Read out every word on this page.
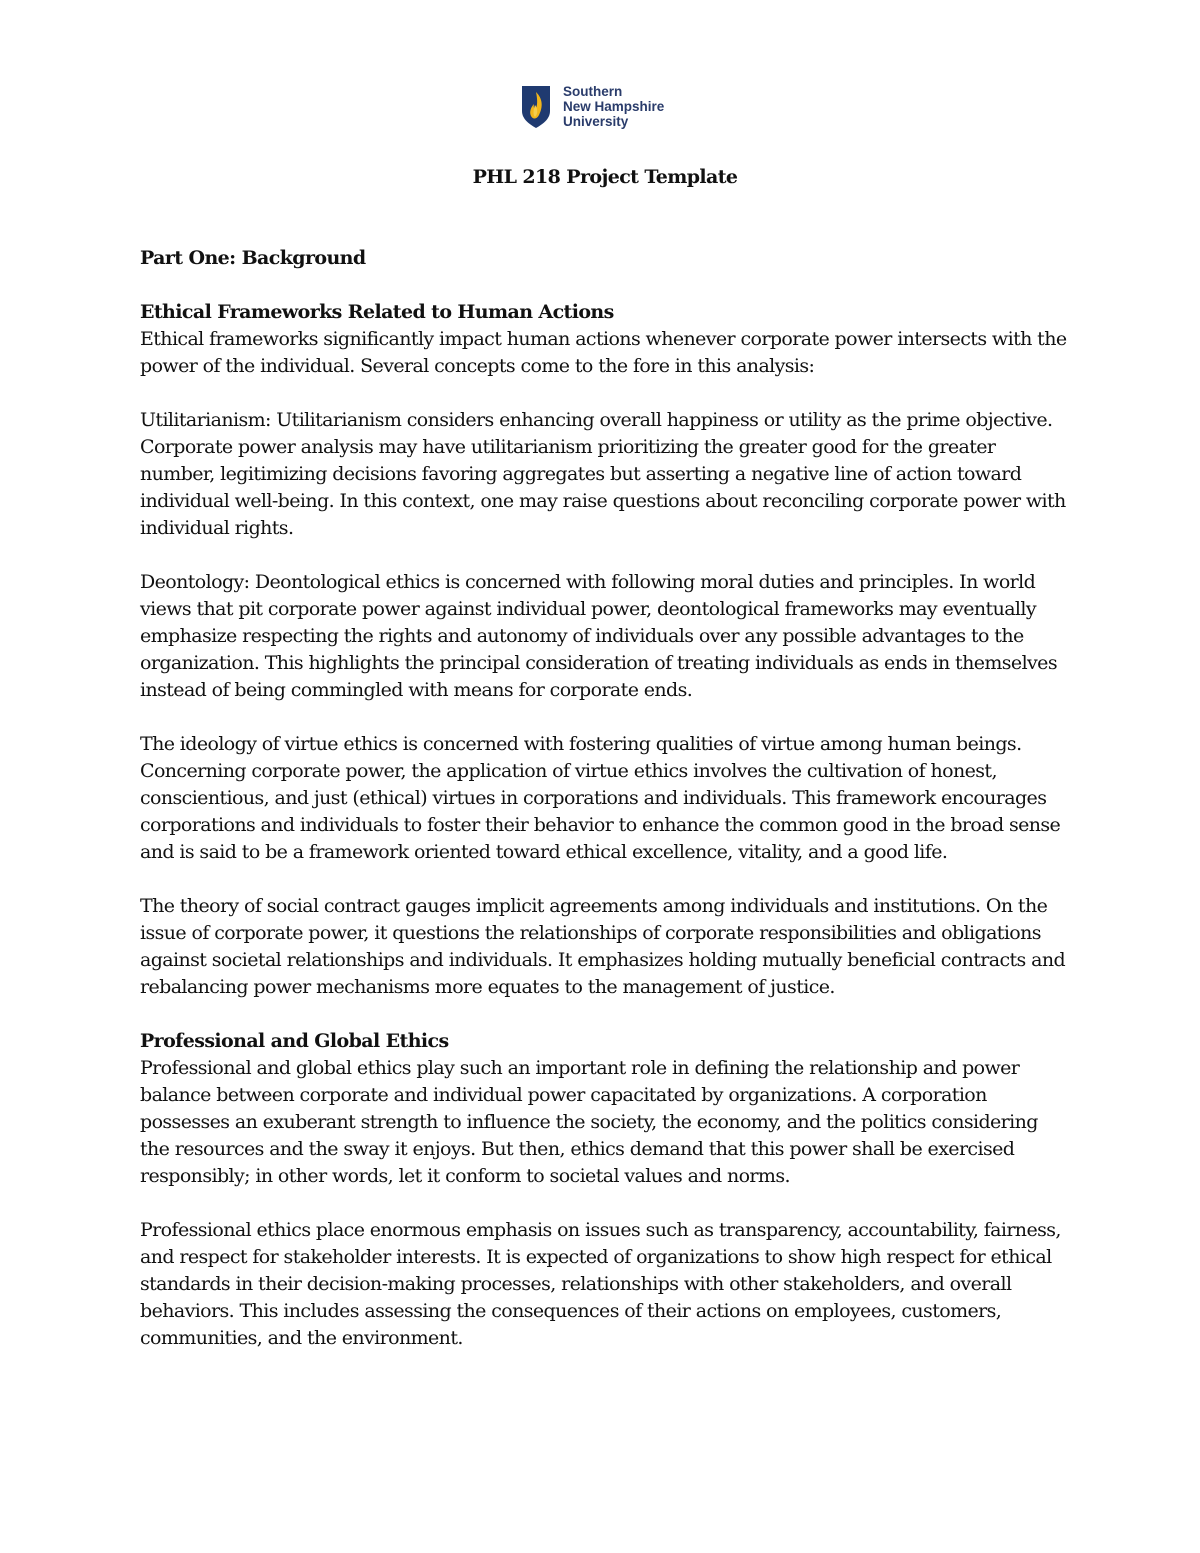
Southern
New Hampshire
University
PHL 218 Project Template
Part One: Background
Ethical Frameworks Related to Human Actions

Ethical frameworks significantly impact human actions whenever corporate power intersects with the power of the individual. Several concepts come to the fore in this analysis:

Utilitarianism: Utilitarianism considers enhancing overall happiness or utility as the prime objective. Corporate power analysis may have utilitarianism prioritizing the greater good for the greater number, legitimizing decisions favoring aggregates but asserting a negative line of action toward individual well-being. In this context, one may raise questions about reconciling corporate power with individual rights.

Deontology: Deontological ethics is concerned with following moral duties and principles. In world views that pit corporate power against individual power, deontological frameworks may eventually emphasize respecting the rights and autonomy of individuals over any possible advantages to the organization. This highlights the principal consideration of treating individuals as ends in themselves instead of being commingled with means for corporate ends.

The ideology of virtue ethics is concerned with fostering qualities of virtue among human beings. Concerning corporate power, the application of virtue ethics involves the cultivation of honest, conscientious, and just (ethical) virtues in corporations and individuals. This framework encourages corporations and individuals to foster their behavior to enhance the common good in the broad sense and is said to be a framework oriented toward ethical excellence, vitality, and a good life.

The theory of social contract gauges implicit agreements among individuals and institutions. On the issue of corporate power, it questions the relationships of corporate responsibilities and obligations against societal relationships and individuals. It emphasizes holding mutually beneficial contracts and rebalancing power mechanisms more equates to the management of justice.

Professional and Global Ethics

Professional and global ethics play such an important role in defining the relationship and power balance between corporate and individual power capacitated by organizations. A corporation possesses an exuberant strength to influence the society, the economy, and the politics considering the resources and the sway it enjoys. But then, ethics demand that this power shall be exercised responsibly; in other words, let it conform to societal values and norms.

Professional ethics place enormous emphasis on issues such as transparency, accountability, fairness, and respect for stakeholder interests. It is expected of organizations to show high respect for ethical standards in their decision-making processes, relationships with other stakeholders, and overall behaviors. This includes assessing the consequences of their actions on employees, customers, communities, and the environment.
